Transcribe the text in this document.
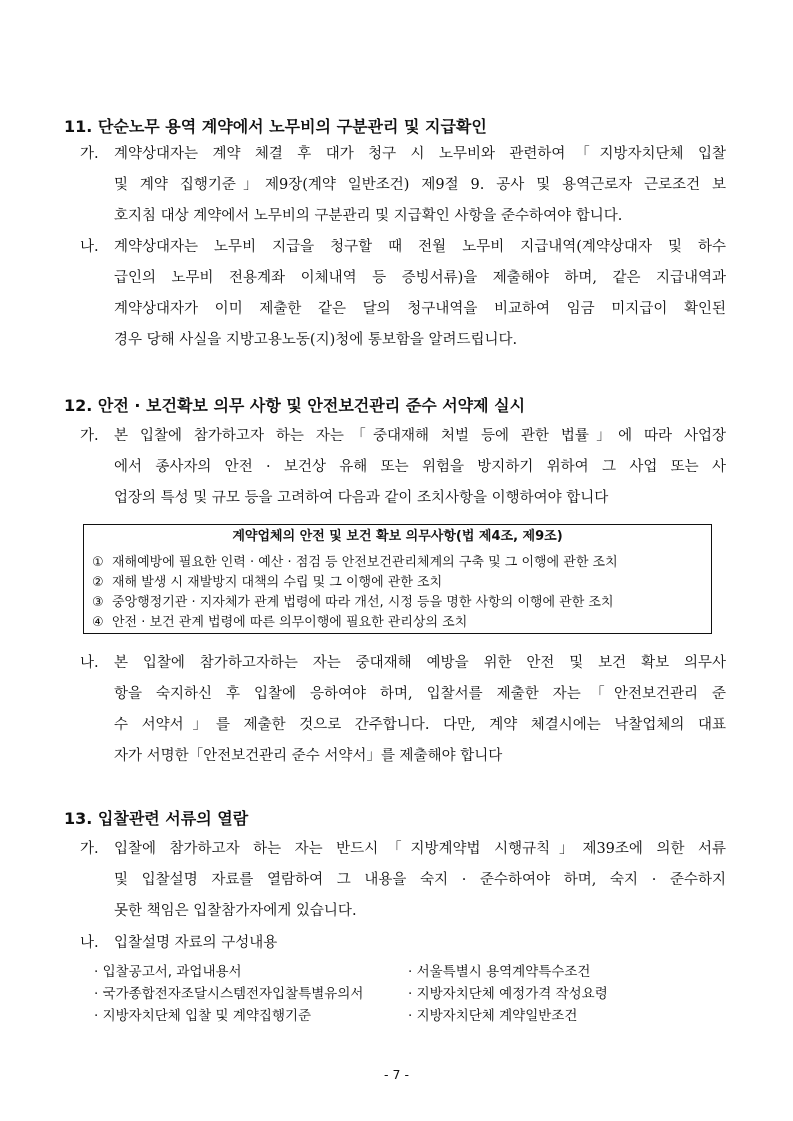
11. 단순노무 용역 계약에서 노무비의 구분관리 및 지급확인
가. 계약상대자는 계약 체결 후 대가 청구 시 노무비와 관련하여「지방자치단체 입찰
및 계약 집행기준」제9장(계약 일반조건) 제9절 9. 공사 및 용역근로자 근로조건 보
호지침 대상 계약에서 노무비의 구분관리 및 지급확인 사항을 준수하여야 합니다.
나. 계약상대자는 노무비 지급을 청구할 때 전월 노무비 지급내역(계약상대자 및 하수
급인의 노무비 전용계좌 이체내역 등 증빙서류)을 제출해야 하며, 같은 지급내역과
계약상대자가 이미 제출한 같은 달의 청구내역을 비교하여 임금 미지급이 확인된
경우 당해 사실을 지방고용노동(지)청에 통보함을 알려드립니다.
12. 안전 · 보건확보 의무 사항 및 안전보건관리 준수 서약제 실시
가. 본 입찰에 참가하고자 하는 자는「중대재해 처벌 등에 관한 법률」에 따라 사업장
에서 종사자의 안전 · 보건상 유해 또는 위험을 방지하기 위하여 그 사업 또는 사
업장의 특성 및 규모 등을 고려하여 다음과 같이 조치사항을 이행하여야 합니다
계약업체의 안전 및 보건 확보 의무사항(법 제4조, 제9조)
① 재해예방에 필요한 인력 · 예산 · 점검 등 안전보건관리체계의 구축 및 그 이행에 관한 조치
② 재해 발생 시 재발방지 대책의 수립 및 그 이행에 관한 조치
③ 중앙행정기관 · 지자체가 관계 법령에 따라 개선, 시정 등을 명한 사항의 이행에 관한 조치
④ 안전 · 보건 관계 법령에 따른 의무이행에 필요한 관리상의 조치
나. 본 입찰에 참가하고자하는 자는 중대재해 예방을 위한 안전 및 보건 확보 의무사
항을 숙지하신 후 입찰에 응하여야 하며, 입찰서를 제출한 자는「안전보건관리 준
수 서약서」를 제출한 것으로 간주합니다. 다만, 계약 체결시에는 낙찰업체의 대표
자가 서명한「안전보건관리 준수 서약서」를 제출해야 합니다
13. 입찰관련 서류의 열람
가. 입찰에 참가하고자 하는 자는 반드시「지방계약법 시행규칙」제39조에 의한 서류
및 입찰설명 자료를 열람하여 그 내용을 숙지 · 준수하여야 하며, 숙지 · 준수하지
못한 책임은 입찰참가자에게 있습니다.
나. 입찰설명 자료의 구성내용
· 입찰공고서, 과업내용서
· 국가종합전자조달시스템전자입찰특별유의서
· 지방자치단체 입찰 및 계약집행기준
· 서울특별시 용역계약특수조건
· 지방자치단체 예정가격 작성요령
· 지방자치단체 계약일반조건
- 7 -
